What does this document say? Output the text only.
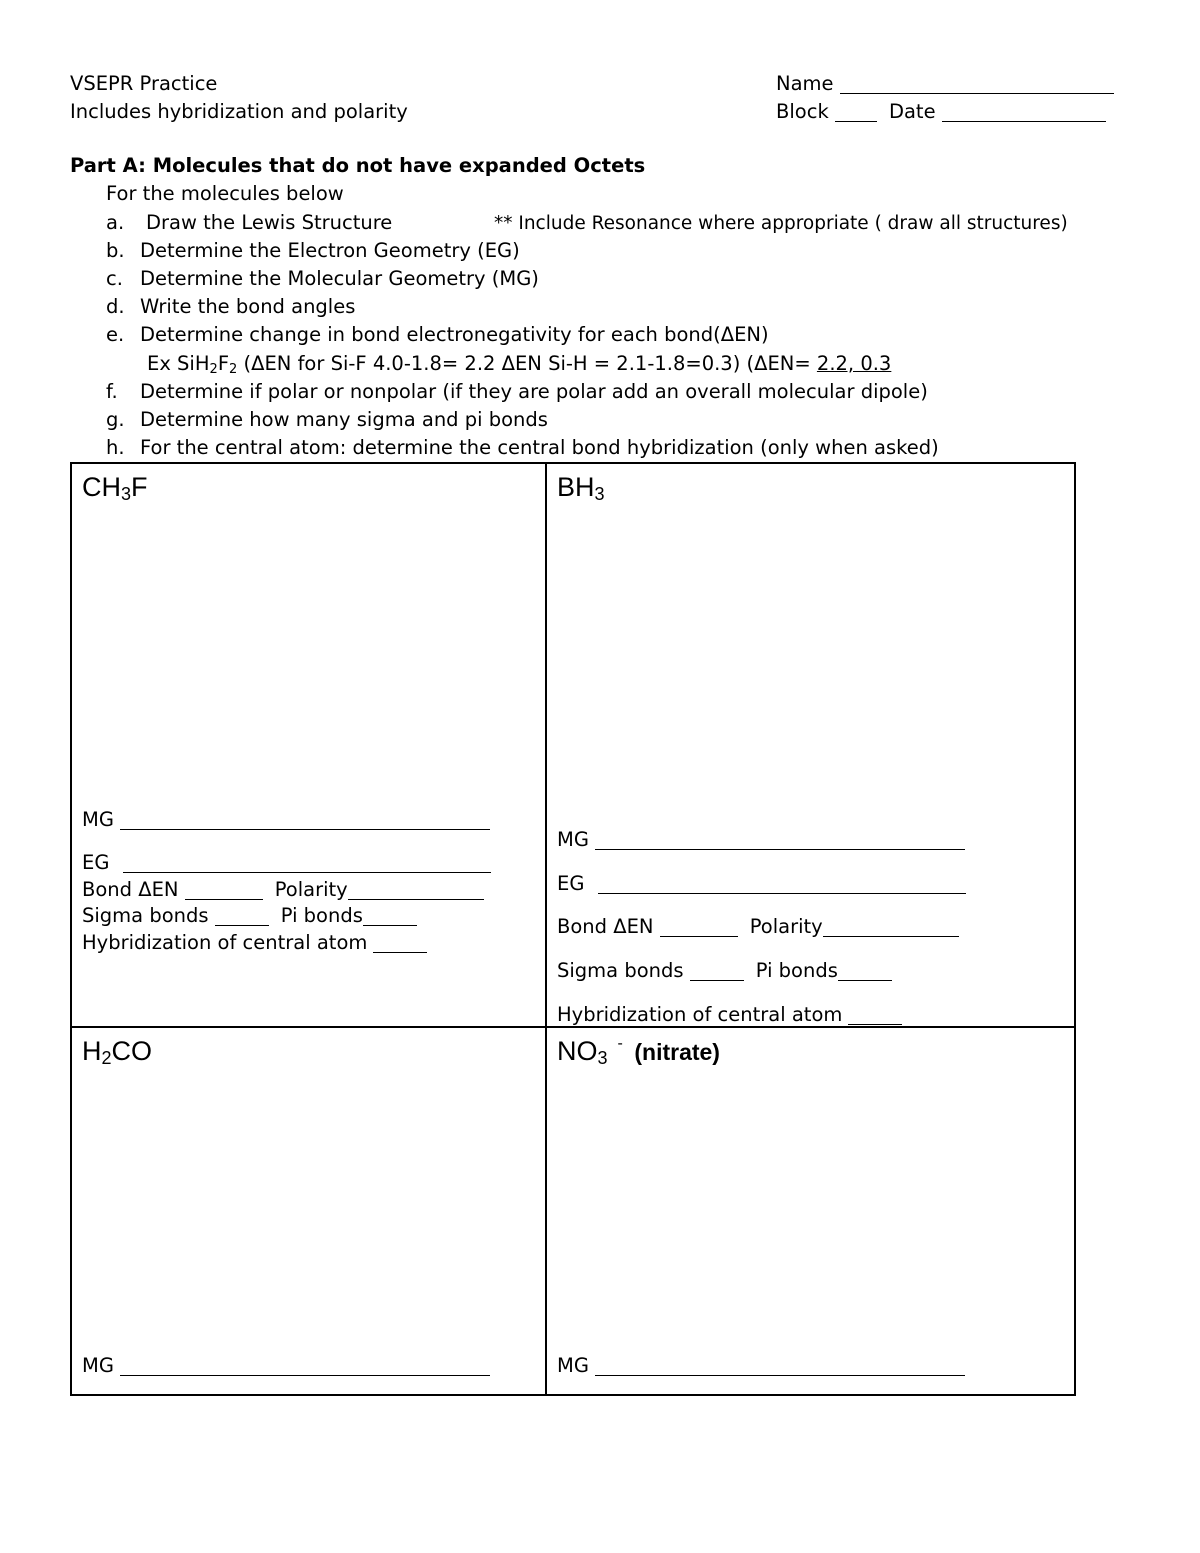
VSEPR Practice
Includes hybridization and polarity
Name
Block	Date
Part A: Molecules that do not have expanded Octets
For the molecules below
a. Draw the Lewis Structure	** Include Resonance where appropriate ( draw all structures)
b. Determine the Electron Geometry (EG)
c. Determine the Molecular Geometry (MG)
d. Write the bond angles
e. Determine change in bond electronegativity for each bond(ΔEN)
Ex $SiH_2F_2$ (ΔEN for Si-F 4.0-1.8= 2.2 ΔEN Si-H = 2.1-1.8=0.3) (ΔEN= 2.2, 0.3
f. Determine if polar or nonpolar (if they are polar add an overall molecular dipole)
g. Determine how many sigma and pi bonds
h. For the central atom: determine the central bond hybridization (only when asked)
$CH_3F$
MG
EG
Bond ΔEN	Polarity
Sigma bonds	Pi bonds
Hybridization of central atom
$BH_3$
MG
EG
Bond ΔEN	Polarity
Sigma bonds	Pi bonds
Hybridization of central atom
$H_2CO$
MG
$NO_3^-$ (nitrate)
MG
